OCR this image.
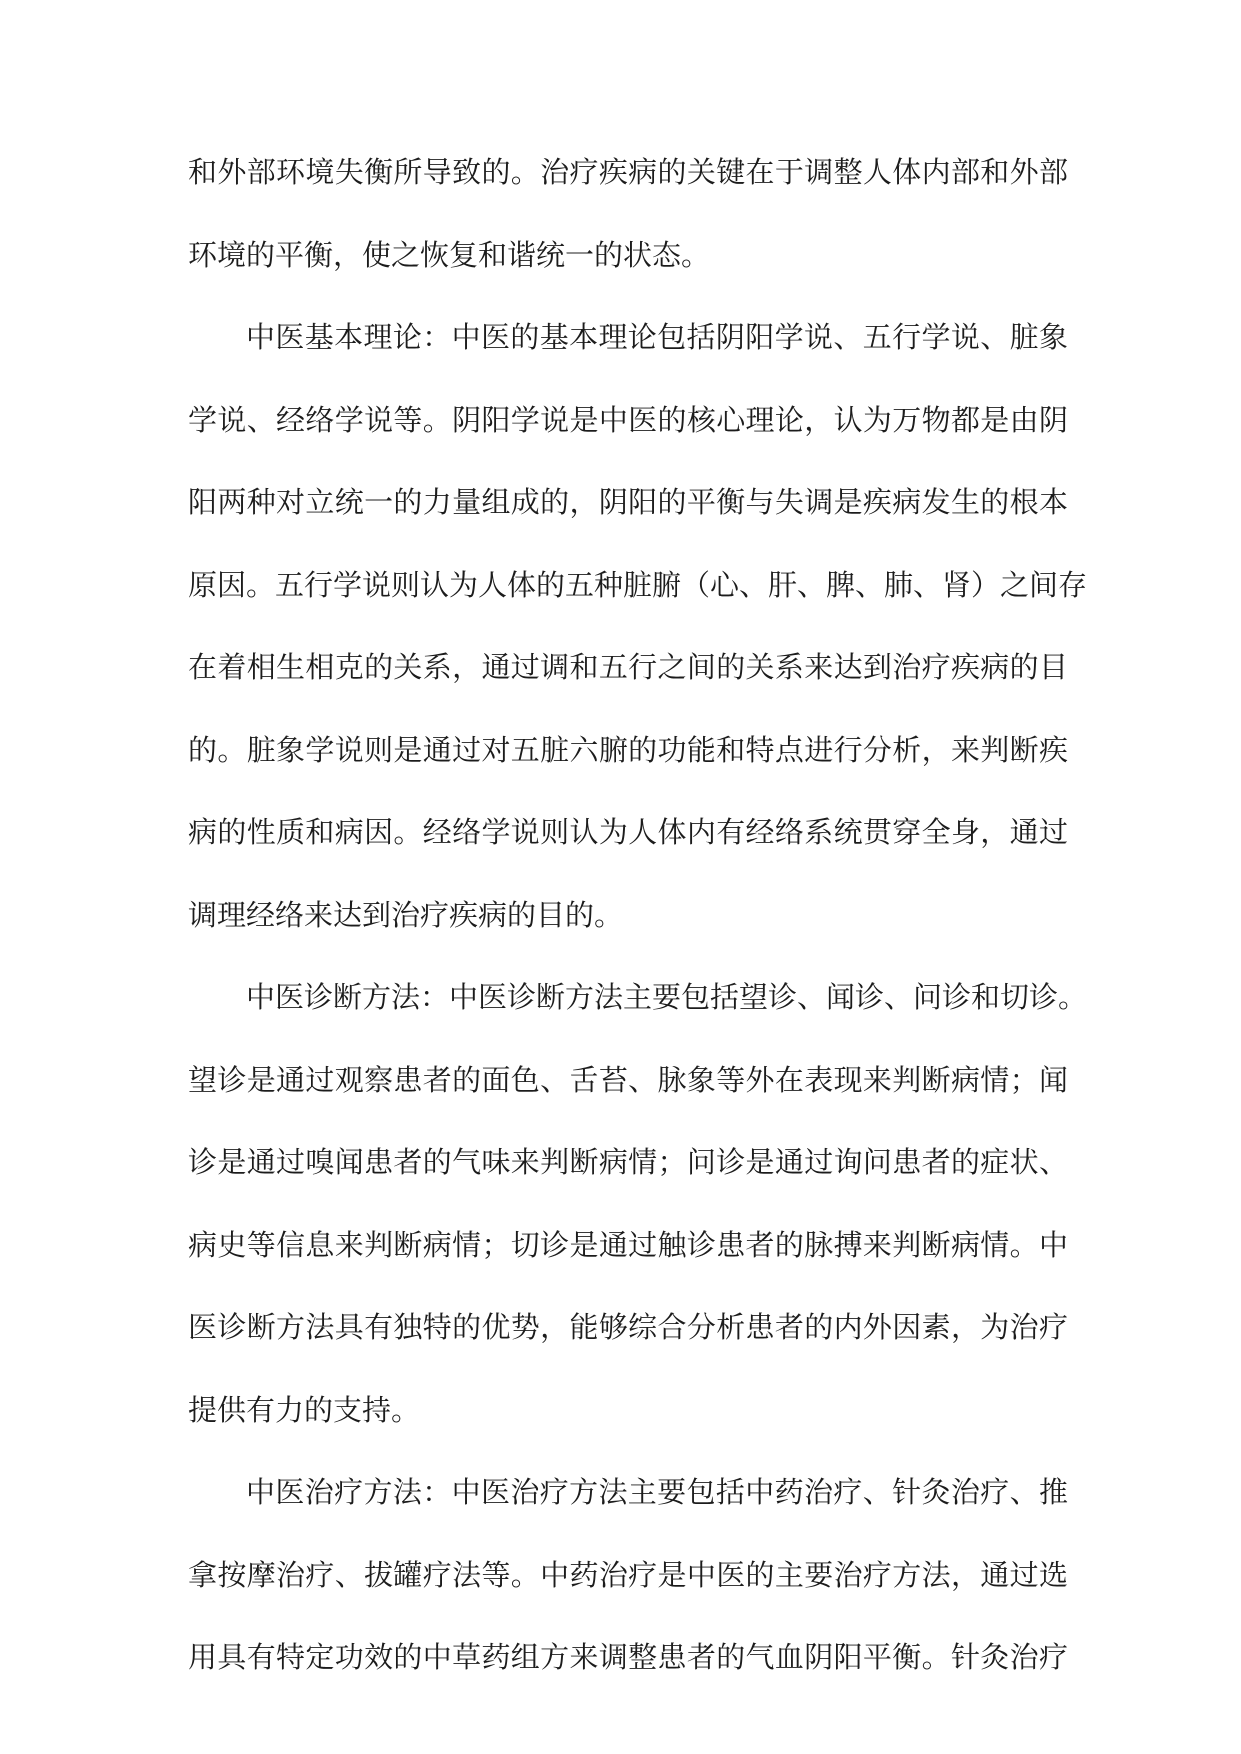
和外部环境失衡所导致的。治疗疾病的关键在于调整人体内部和外部
环境的平衡，使之恢复和谐统一的状态。
中医基本理论：中医的基本理论包括阴阳学说、五行学说、脏象
学说、经络学说等。阴阳学说是中医的核心理论，认为万物都是由阴
阳两种对立统一的力量组成的，阴阳的平衡与失调是疾病发生的根本
原因。五行学说则认为人体的五种脏腑（心、肝、脾、肺、肾）之间存
在着相生相克的关系，通过调和五行之间的关系来达到治疗疾病的目
的。脏象学说则是通过对五脏六腑的功能和特点进行分析，来判断疾
病的性质和病因。经络学说则认为人体内有经络系统贯穿全身，通过
调理经络来达到治疗疾病的目的。
中医诊断方法：中医诊断方法主要包括望诊、闻诊、问诊和切诊。
望诊是通过观察患者的面色、舌苔、脉象等外在表现来判断病情；闻
诊是通过嗅闻患者的气味来判断病情；问诊是通过询问患者的症状、
病史等信息来判断病情；切诊是通过触诊患者的脉搏来判断病情。中
医诊断方法具有独特的优势，能够综合分析患者的内外因素，为治疗
提供有力的支持。
中医治疗方法：中医治疗方法主要包括中药治疗、针灸治疗、推
拿按摩治疗、拔罐疗法等。中药治疗是中医的主要治疗方法，通过选
用具有特定功效的中草药组方来调整患者的气血阴阳平衡。针灸治疗
